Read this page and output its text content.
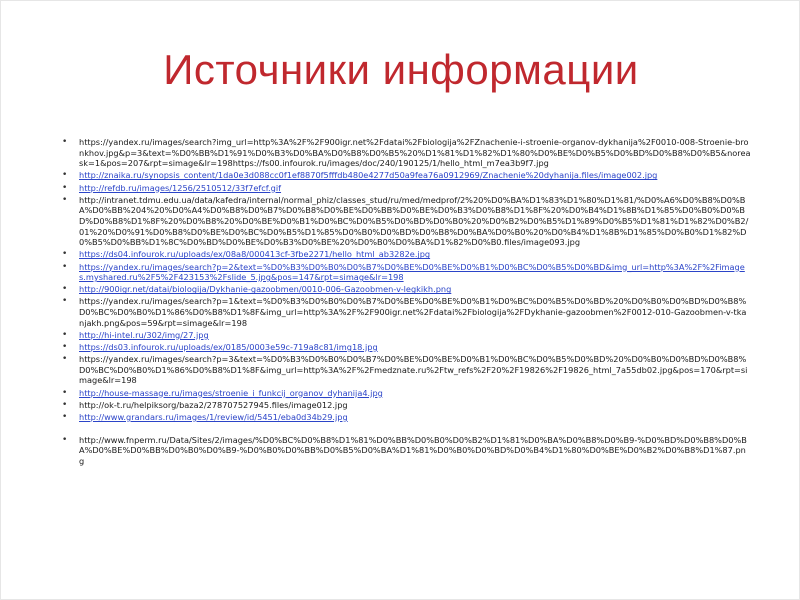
Источники информации
• https://yandex.ru/images/search?img_url=http%3A%2F%2F900igr.net%2Fdatai%2Fbiologija%2FZnachenie-i-stroenie-organov-dykhanija%2F0010-008-Stroenie-bronkhov.jpg&p=3&text=%D0%BB%D1%91%D0%B3%D0%BA%D0%B8%D0%B5%20%D1%81%D1%82%D1%80%D0%BE%D0%B5%D0%BD%D0%B8%D0%B5&noreask=1&pos=207&rpt=simage&lr=198https://fs00.infourok.ru/images/doc/240/190125/1/hello_html_m7ea3b9f7.jpg
• http://znaika.ru/synopsis_content/1da0e3d088cc0f1ef8870f5fffdb480e4277d50a9fea76a0912969/Znachenie%20dyhanija.files/image002.jpg
• http://refdb.ru/images/1256/2510512/33f7efcf.gif
• http://intranet.tdmu.edu.ua/data/kafedra/internal/normal_phiz/classes_stud/ru/med/medprof/2%20%D0%BA%D1%83%D1%80%D1%81/%D0%A6%D0%B8%D0%BA%D0%BB%204%20%D0%A4%D0%B8%D0%B7%D0%B8%D0%BE%D0%BB%D0%BE%D0%B3%D0%B8%D1%8F%20%D0%B4%D1%8B%D1%85%D0%B0%D0%BD%D0%B8%D1%8F%20%D0%B8%20%D0%BE%D0%B1%D0%BC%D0%B5%D0%BD%D0%B0%20%D0%B2%D0%B5%D1%89%D0%B5%D1%81%D1%82%D0%B2/01%20%D0%91%D0%B8%D0%BE%D0%BC%D0%B5%D1%85%D0%B0%D0%BD%D0%B8%D0%BA%D0%B0%20%D0%B4%D1%8B%D1%85%D0%B0%D1%82%D0%B5%D0%BB%D1%8C%D0%BD%D0%BE%D0%B3%D0%BE%20%D0%B0%D0%BA%D1%82%D0%B0.files/image093.jpg
• https://ds04.infourok.ru/uploads/ex/08a8/000413cf-3fbe2271/hello_html_ab3282e.jpg
• https://yandex.ru/images/search?p=2&text=%D0%B3%D0%B0%D0%B7%D0%BE%D0%BE%D0%B1%D0%BC%D0%B5%D0%BD&img_url=http%3A%2F%2Fimages.myshared.ru%2F5%2F423153%2Fslide_5.jpg&pos=147&rpt=simage&lr=198
• http://900igr.net/datai/biologija/Dykhanie-gazoobmen/0010-006-Gazoobmen-v-legkikh.png
• https://yandex.ru/images/search?p=1&text=%D0%B3%D0%B0%D0%B7%D0%BE%D0%BE%D0%B1%D0%BC%D0%B5%D0%BD%20%D0%B0%D0%BD%D0%B8%D0%BC%D0%B0%D1%86%D0%B8%D1%8F&img_url=http%3A%2F%2F900igr.net%2Fdatai%2Fbiologija%2FDykhanie-gazoobmen%2F0012-010-Gazoobmen-v-tkanjakh.png&pos=59&rpt=simage&lr=198
• http://hi-intel.ru/302/img/27.jpg
• https://ds03.infourok.ru/uploads/ex/0185/0003e59c-719a8c81/img18.jpg
• https://yandex.ru/images/search?p=3&text=%D0%B3%D0%B0%D0%B7%D0%BE%D0%BE%D0%B1%D0%BC%D0%B5%D0%BD%20%D0%B0%D0%BD%D0%B8%D0%BC%D0%B0%D1%86%D0%B8%D1%8F&img_url=http%3A%2F%2Fmedznate.ru%2Ftw_refs%2F20%2F19826%2F19826_html_7a55db02.jpg&pos=170&rpt=simage&lr=198
• http://house-massage.ru/images/stroenie_i_funkcij_organov_dyhanija4.jpg
• http://ok-t.ru/helpiksorg/baza2/278707527945.files/image012.jpg
• http://www.grandars.ru/images/1/review/id/5451/eba0d34b29.jpg
• http://www.fnperm.ru/Data/Sites/2/images/%D0%BC%D0%B8%D1%81%D0%BB%D0%B0%D0%B2%D1%81%D0%BA%D0%B8%D0%B9-%D0%BD%D0%B8%D0%BA%D0%BE%D0%BB%D0%B0%D0%B9-%D0%B0%D0%BB%D0%B5%D0%BA%D1%81%D0%B0%D0%BD%D0%B4%D1%80%D0%BE%D0%B2%D0%B8%D1%87.png
